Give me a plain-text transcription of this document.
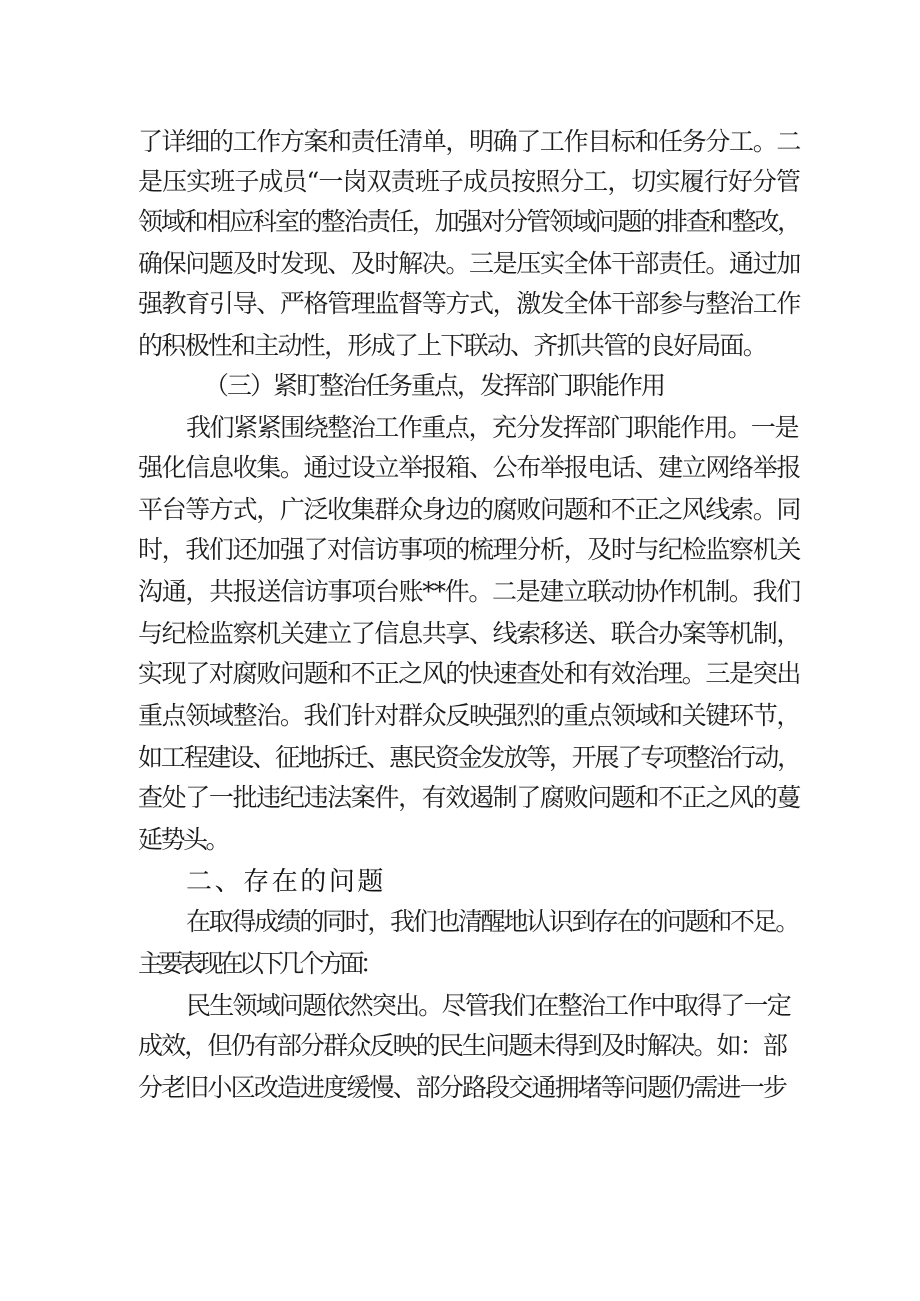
了详细的工作方案和责任清单，明确了工作目标和任务分工。二
是压实班子成员“一岗双责班子成员按照分工，切实履行好分管
领域和相应科室的整治责任，加强对分管领域问题的排查和整改，
确保问题及时发现、及时解决。三是压实全体干部责任。通过加
强教育引导、严格管理监督等方式，激发全体干部参与整治工作
的积极性和主动性，形成了上下联动、齐抓共管的良好局面。
（三）紧盯整治任务重点，发挥部门职能作用
我们紧紧围绕整治工作重点，充分发挥部门职能作用。一是
强化信息收集。通过设立举报箱、公布举报电话、建立网络举报
平台等方式，广泛收集群众身边的腐败问题和不正之风线索。同
时，我们还加强了对信访事项的梳理分析，及时与纪检监察机关
沟通，共报送信访事项台账**件。二是建立联动协作机制。我们
与纪检监察机关建立了信息共享、线索移送、联合办案等机制，
实现了对腐败问题和不正之风的快速查处和有效治理。三是突出
重点领域整治。我们针对群众反映强烈的重点领域和关键环节，
如工程建设、征地拆迁、惠民资金发放等，开展了专项整治行动，
查处了一批违纪违法案件，有效遏制了腐败问题和不正之风的蔓
延势头。
二、存在的问题
在取得成绩的同时，我们也清醒地认识到存在的问题和不足。
主要表现在以下几个方面：
民生领域问题依然突出。尽管我们在整治工作中取得了一定
成效，但仍有部分群众反映的民生问题未得到及时解决。如：部
分老旧小区改造进度缓慢、部分路段交通拥堵等问题仍需进一步
